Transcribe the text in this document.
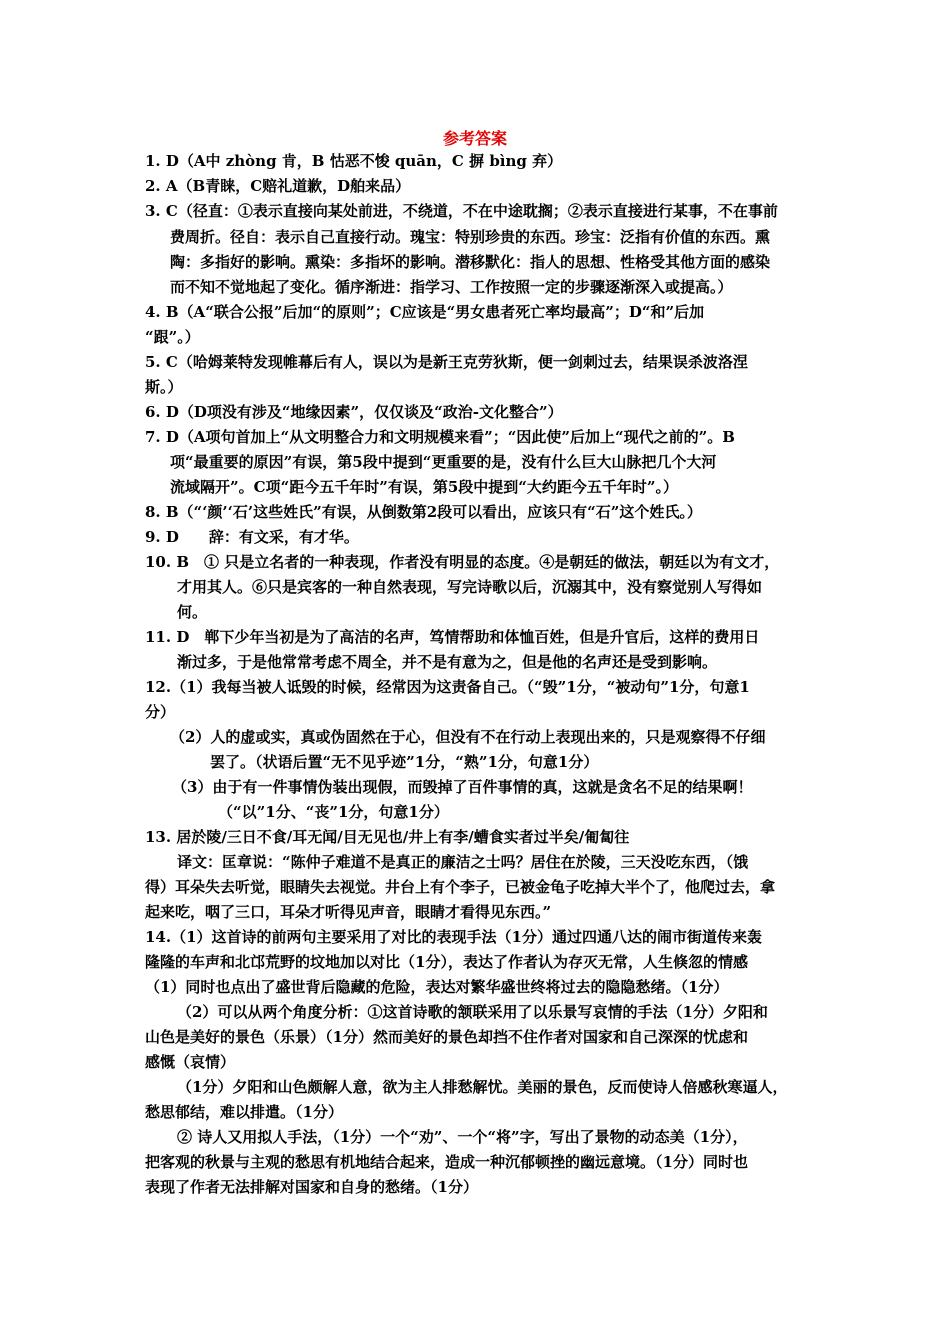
参考答案
1. D（A中 zhòng 肯，B 怙恶不悛 quān，C 摒 bìng 弃）
2. A（B青睐，C赔礼道歉，D舶来品）
3. C（径直：①表示直接向某处前进，不绕道，不在中途耽搁；②表示直接进行某事，不在事前
费周折。径自：表示自己直接行动。瑰宝：特别珍贵的东西。珍宝：泛指有价值的东西。熏
陶：多指好的影响。熏染：多指坏的影响。潜移默化：指人的思想、性格受其他方面的感染
而不知不觉地起了变化。循序渐进：指学习、工作按照一定的步骤逐渐深入或提高。）
4. B（A“联合公报”后加“的原则”；C应该是“男女患者死亡率均最高”；D“和”后加
“跟”。）
5. C（哈姆莱特发现帷幕后有人，误以为是新王克劳狄斯，便一剑刺过去，结果误杀波洛涅
斯。）
6. D（D项没有涉及“地缘因素”，仅仅谈及“政治-文化整合”）
7. D（A项句首加上“从文明整合力和文明规模来看”；“因此使”后加上“现代之前的”。B
项“最重要的原因”有误，第5段中提到“更重要的是，没有什么巨大山脉把几个大河
流域隔开”。C项“距今五千年时”有误，第5段中提到“大约距今五千年时”。）
8. B（“‘颜’‘石’这些姓氏”有误，从倒数第2段可以看出，应该只有“石”这个姓氏。）
9. D　　辞：有文采，有才华。
10. B　① 只是立名者的一种表现，作者没有明显的态度。④是朝廷的做法，朝廷以为有文才，
才用其人。⑥只是宾客的一种自然表现，写完诗歌以后，沉溺其中，没有察觉别人写得如
何。
11. D　郸下少年当初是为了高洁的名声，笃情帮助和体恤百姓，但是升官后，这样的费用日
渐过多，于是他常常考虑不周全，并不是有意为之，但是他的名声还是受到影响。
12.（1）我每当被人诋毁的时候，经常因为这责备自己。（“毁”1分，“被动句”1分，句意1
分）
（2）人的虚或实，真或伪固然在于心，但没有不在行动上表现出来的，只是观察得不仔细
罢了。（状语后置“无不见乎迹”1分，“熟”1分，句意1分）
（3）由于有一件事情伪装出现假，而毁掉了百件事情的真，这就是贪名不足的结果啊！
（“以”1分、“丧”1分，句意1分）
13. 居於陵/三日不食/耳无闻/目无见也/井上有李/螬食实者过半矣/匍匐往
译文：匡章说：“陈仲子难道不是真正的廉洁之士吗？居住在於陵，三天没吃东西，（饿
得）耳朵失去听觉，眼睛失去视觉。井台上有个李子，已被金龟子吃掉大半个了，他爬过去，拿
起来吃，咽了三口，耳朵才听得见声音，眼睛才看得见东西。”
14.（1）这首诗的前两句主要采用了对比的表现手法（1分）通过四通八达的闹市街道传来轰
隆隆的车声和北邙荒野的坟地加以对比（1分），表达了作者认为存灭无常，人生倏忽的情感
（1）同时也点出了盛世背后隐藏的危险，表达对繁华盛世终将过去的隐隐愁绪。（1分）
（2）可以从两个角度分析：①这首诗歌的颔联采用了以乐景写哀情的手法（1分）夕阳和
山色是美好的景色（乐景）（1分）然而美好的景色却挡不住作者对国家和自己深深的忧虑和
感慨（哀情）
（1分）夕阳和山色颇解人意，欲为主人排愁解忧。美丽的景色，反而使诗人倍感秋寒逼人，
愁思郁结，难以排遣。（1分）
② 诗人又用拟人手法，（1分）一个“劝”、一个“将”字，写出了景物的动态美（1分），
把客观的秋景与主观的愁思有机地结合起来，造成一种沉郁顿挫的幽远意境。（1分）同时也
表现了作者无法排解对国家和自身的愁绪。（1分）
